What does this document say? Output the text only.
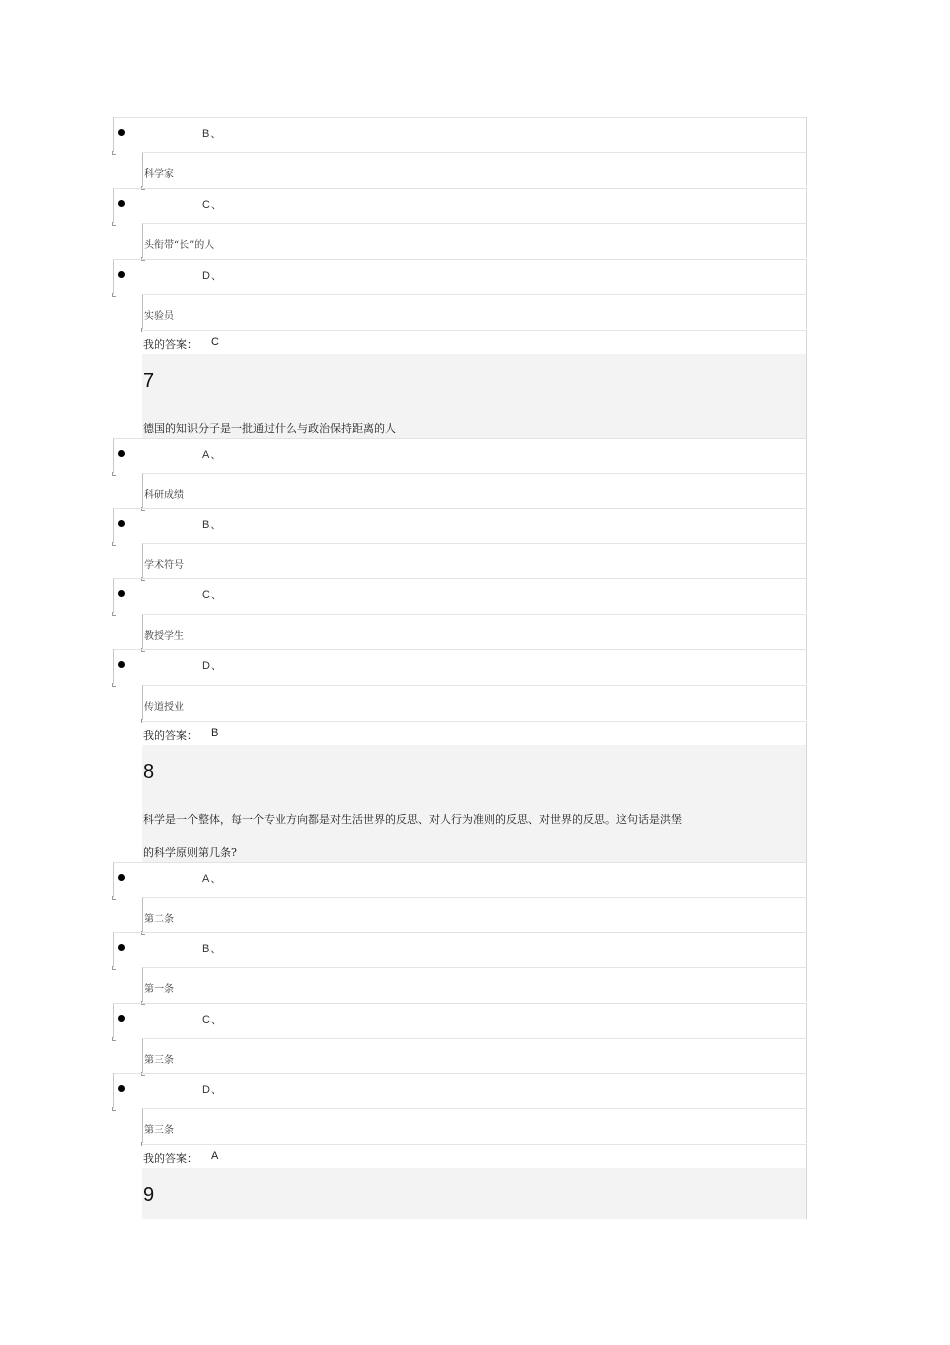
B、
科学家
C、
头衔带“长”的人
D、
实验员
我的答案： C
7
德国的知识分子是一批通过什么与政治保持距离的人
A、
科研成绩
B、
学术符号
C、
教授学生
D、
传道授业
我的答案： B
8
科学是一个整体，每一个专业方向都是对生活世界的反思、对人行为准则的反思、对世界的反思。这句话是洪堡
的科学原则第几条?
A、
第二条
B、
第一条
C、
第三条
D、
第三条
我的答案： A
9
